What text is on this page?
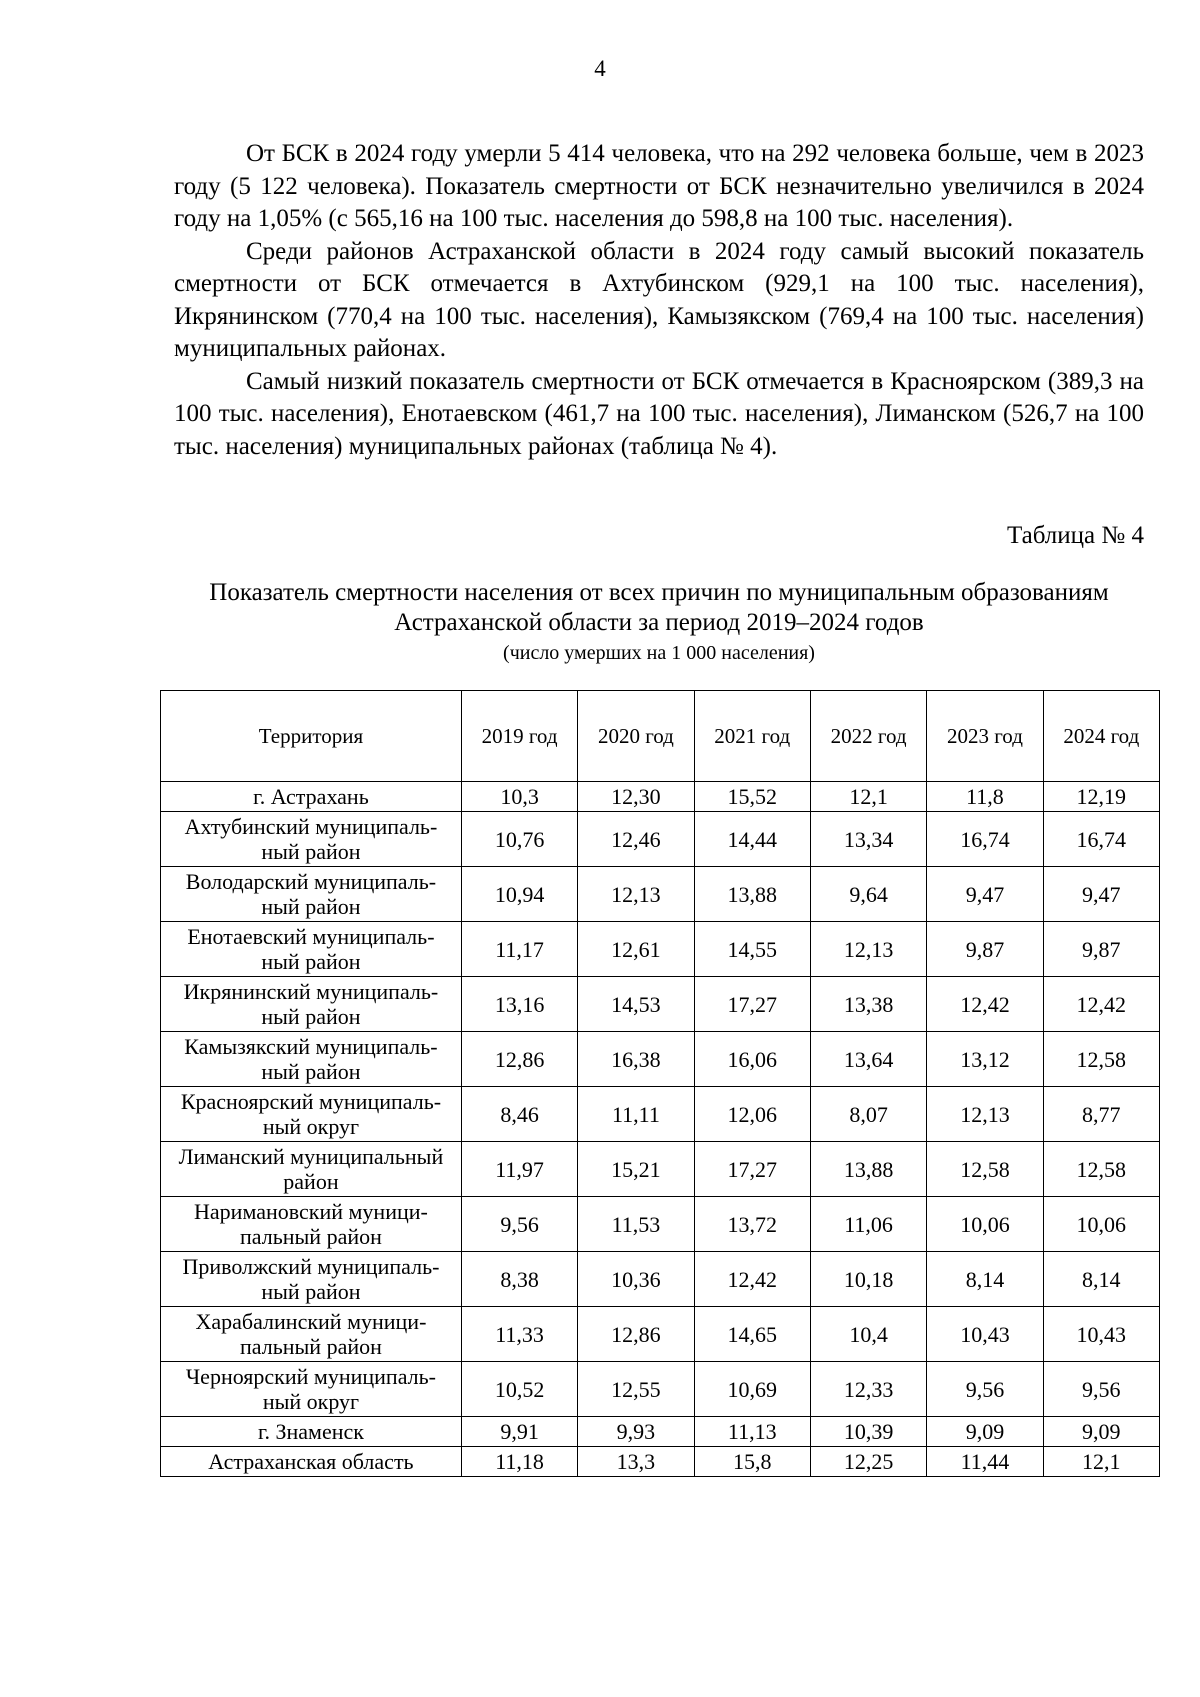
4

От БСК в 2024 году умерли 5 414 человека, что на 292 человека больше, чем в 2023 году (5 122 человека). Показатель смертности от БСК незначительно увеличился в 2024 году на 1,05% (с 565,16 на 100 тыс. населения до 598,8 на 100 тыс. населения).

Среди районов Астраханской области в 2024 году самый высокий показатель смертности от БСК отмечается в Ахтубинском (929,1 на 100 тыс. населения), Икрянинском (770,4 на 100 тыс. населения), Камызякском (769,4 на 100 тыс. населения) муниципальных районах.

Самый низкий показатель смертности от БСК отмечается в Красноярском (389,3 на 100 тыс. населения), Енотаевском (461,7 на 100 тыс. населения), Лиманском (526,7 на 100 тыс. населения) муниципальных районах (таблица № 4).

Таблица № 4

Показатель смертности населения от всех причин по муниципальным образованиям Астраханской области за период 2019–2024 годов

(число умерших на 1 000 населения)

Территория	2019 год	2020 год	2021 год	2022 год	2023 год	2024 год
г. Астрахань	10,3	12,30	15,52	12,1	11,8	12,19
Ахтубинский муниципаль-
ный район	10,76	12,46	14,44	13,34	16,74	16,74
Володарский муниципаль-
ный район	10,94	12,13	13,88	9,64	9,47	9,47
Енотаевский муниципаль-
ный район	11,17	12,61	14,55	12,13	9,87	9,87
Икрянинский муниципаль-
ный район	13,16	14,53	17,27	13,38	12,42	12,42
Камызякский муниципаль-
ный район	12,86	16,38	16,06	13,64	13,12	12,58
Красноярский муниципаль-
ный округ	8,46	11,11	12,06	8,07	12,13	8,77
Лиманский муниципальный
район	11,97	15,21	17,27	13,88	12,58	12,58
Наримановский муници-
пальный район	9,56	11,53	13,72	11,06	10,06	10,06
Приволжский муниципаль-
ный район	8,38	10,36	12,42	10,18	8,14	8,14
Харабалинский муници-
пальный район	11,33	12,86	14,65	10,4	10,43	10,43
Черноярский муниципаль-
ный округ	10,52	12,55	10,69	12,33	9,56	9,56
г. Знаменск	9,91	9,93	11,13	10,39	9,09	9,09
Астраханская область	11,18	13,3	15,8	12,25	11,44	12,1
